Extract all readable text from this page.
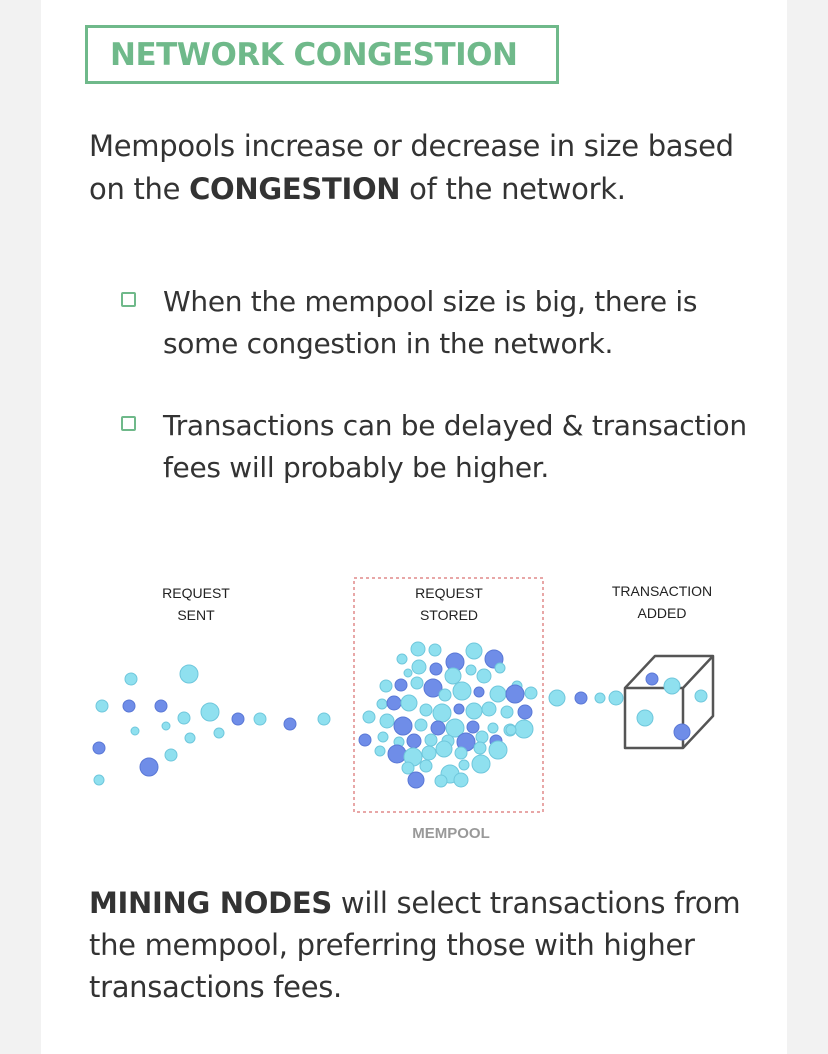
NETWORK CONGESTION
Mempools increase or decrease in size based on the CONGESTION of the network.
When the mempool size is big, there is some congestion in the network.
Transactions can be delayed & transaction fees will probably be higher.
REQUEST
SENT
REQUEST
STORED
TRANSACTION
ADDED
MEMPOOL
MINING NODES will select transactions from the mempool, preferring those with higher transactions fees.
